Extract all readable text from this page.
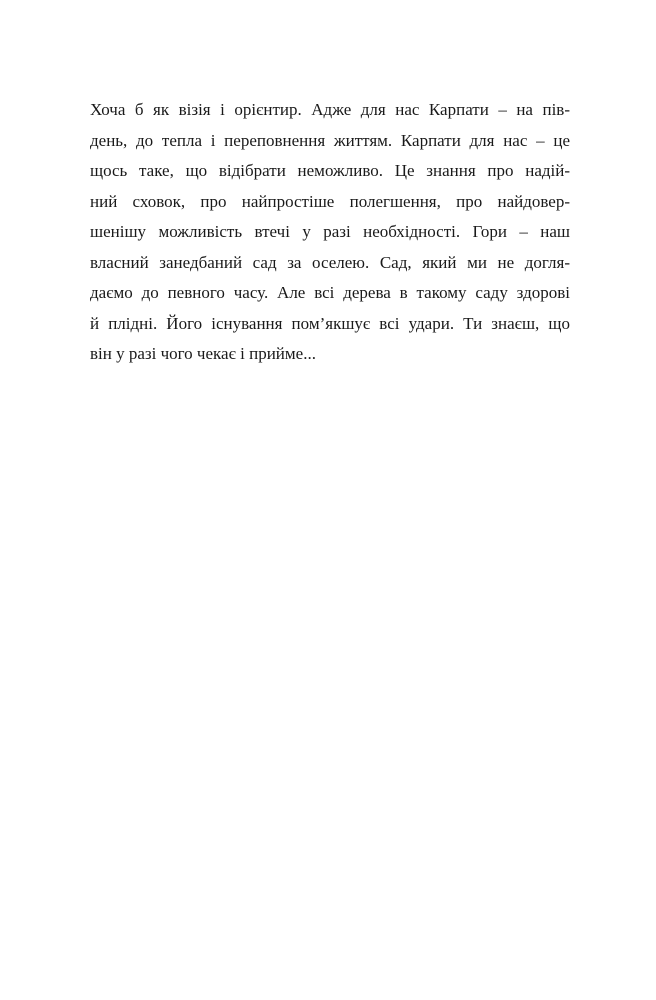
Хоча б як візія і орієнтир. Адже для нас Карпати – на пів-
день, до тепла і переповнення життям. Карпати для нас – це
щось таке, що відібрати неможливо. Це знання про надій-
ний сховок, про найпростіше полегшення, про найдовер-
шенішу можливість втечі у разі необхідності. Гори – наш
власний занедбаний сад за оселею. Сад, який ми не догля-
даємо до певного часу. Але всі дерева в такому саду здорові
й плідні. Його існування пом’якшує всі удари. Ти знаєш, що
він у разі чого чекає і прийме...
